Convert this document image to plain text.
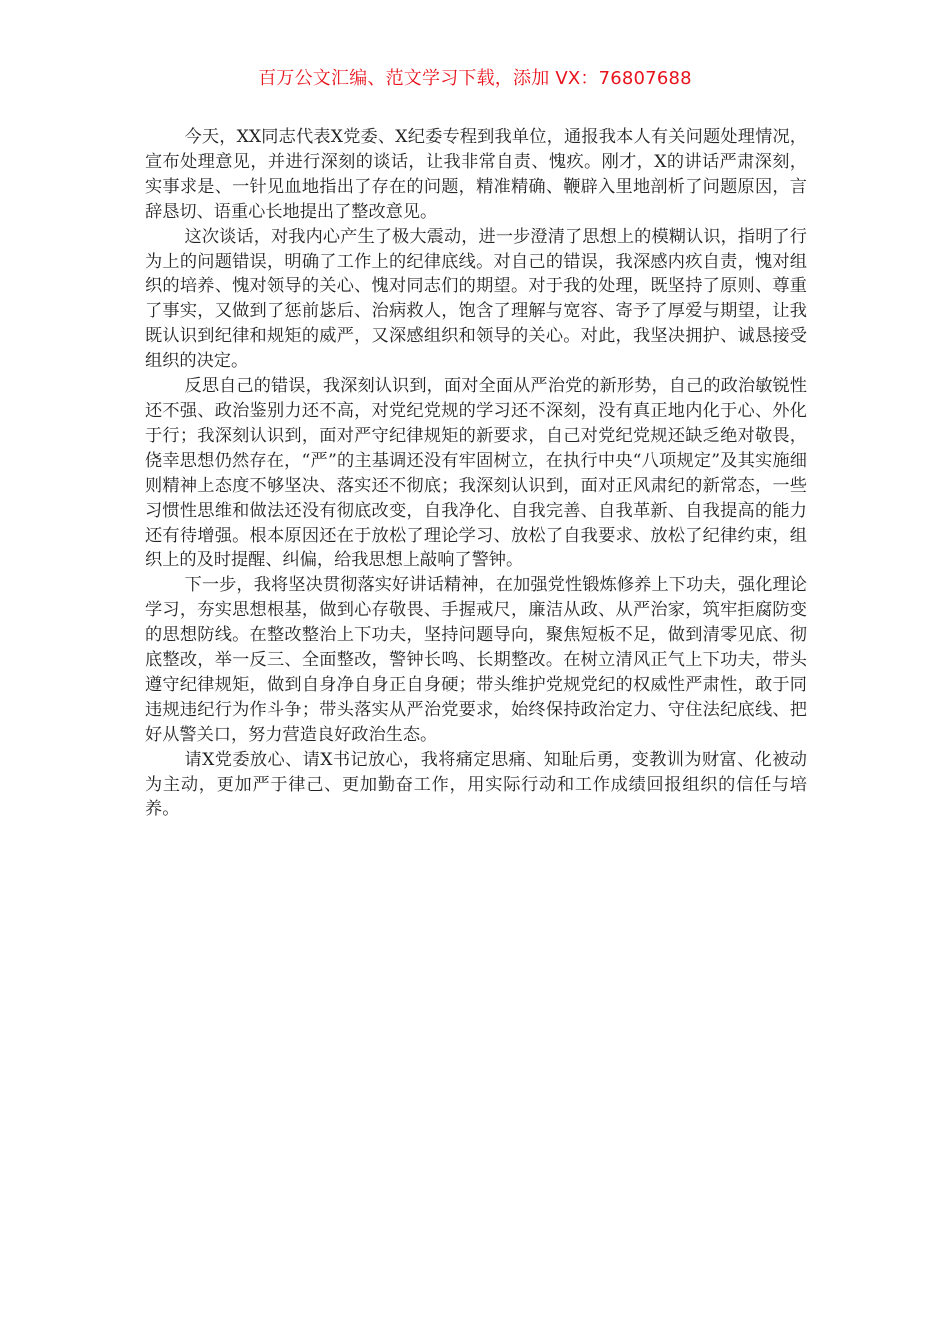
百万公文汇编、范文学习下载，添加 VX：76807688

今天，XX同志代表X党委、X纪委专程到我单位，通报我本人有关问题处理情况，宣布处理意见，并进行深刻的谈话，让我非常自责、愧疚。刚才，X的讲话严肃深刻，实事求是、一针见血地指出了存在的问题，精准精确、鞭辟入里地剖析了问题原因，言辞恳切、语重心长地提出了整改意见。

这次谈话，对我内心产生了极大震动，进一步澄清了思想上的模糊认识，指明了行为上的问题错误，明确了工作上的纪律底线。对自己的错误，我深感内疚自责，愧对组织的培养、愧对领导的关心、愧对同志们的期望。对于我的处理，既坚持了原则、尊重了事实，又做到了惩前毖后、治病救人，饱含了理解与宽容、寄予了厚爱与期望，让我既认识到纪律和规矩的威严，又深感组织和领导的关心。对此，我坚决拥护、诚恳接受组织的决定。

反思自己的错误，我深刻认识到，面对全面从严治党的新形势，自己的政治敏锐性还不强、政治鉴别力还不高，对党纪党规的学习还不深刻，没有真正地内化于心、外化于行；我深刻认识到，面对严守纪律规矩的新要求，自己对党纪党规还缺乏绝对敬畏，侥幸思想仍然存在，“严”的主基调还没有牢固树立，在执行中央“八项规定”及其实施细则精神上态度不够坚决、落实还不彻底；我深刻认识到，面对正风肃纪的新常态，一些习惯性思维和做法还没有彻底改变，自我净化、自我完善、自我革新、自我提高的能力还有待增强。根本原因还在于放松了理论学习、放松了自我要求、放松了纪律约束，组织上的及时提醒、纠偏，给我思想上敲响了警钟。

下一步，我将坚决贯彻落实好讲话精神，在加强党性锻炼修养上下功夫，强化理论学习，夯实思想根基，做到心存敬畏、手握戒尺，廉洁从政、从严治家，筑牢拒腐防变的思想防线。在整改整治上下功夫，坚持问题导向，聚焦短板不足，做到清零见底、彻底整改，举一反三、全面整改，警钟长鸣、长期整改。在树立清风正气上下功夫，带头遵守纪律规矩，做到自身净自身正自身硬；带头维护党规党纪的权威性严肃性，敢于同违规违纪行为作斗争；带头落实从严治党要求，始终保持政治定力、守住法纪底线、把好从警关口，努力营造良好政治生态。

请X党委放心、请X书记放心，我将痛定思痛、知耻后勇，变教训为财富、化被动为主动，更加严于律己、更加勤奋工作，用实际行动和工作成绩回报组织的信任与培养。
